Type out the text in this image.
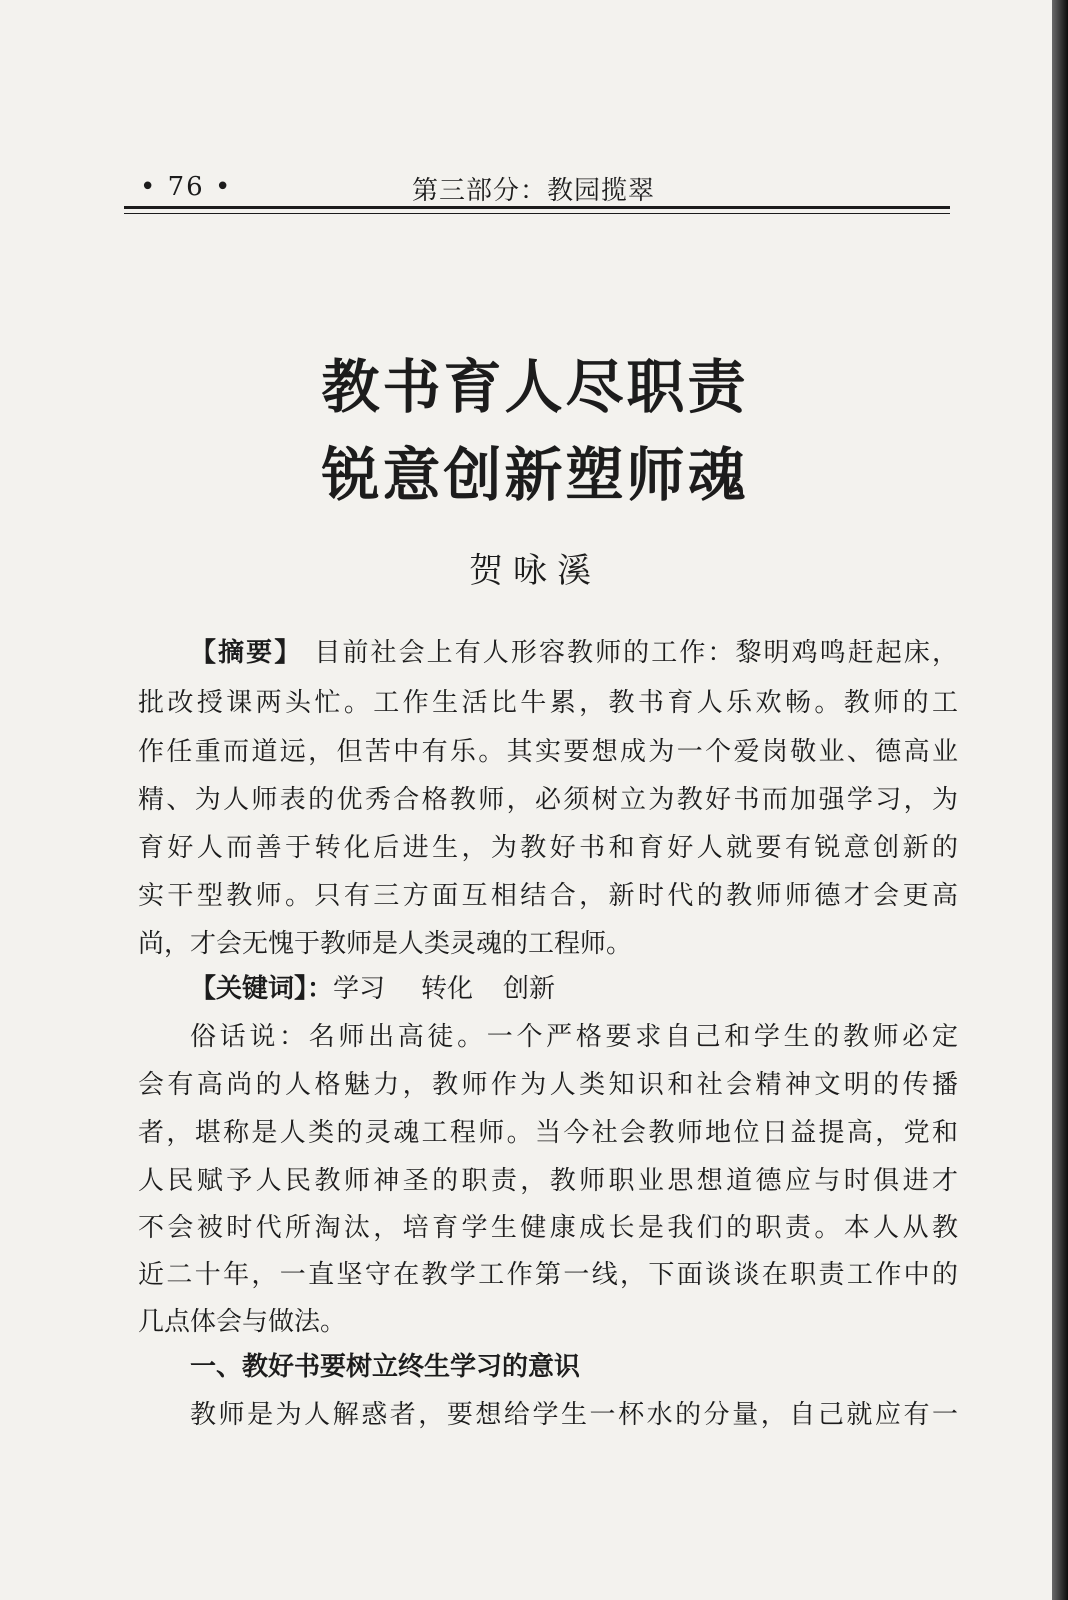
• 76 •	第三部分：教园揽翠
教书育人尽职责
锐意创新塑师魂
贺咏溪
【摘要】 目前社会上有人形容教师的工作：黎明鸡鸣赶起床，
批改授课两头忙。工作生活比牛累，教书育人乐欢畅。教师的工
作任重而道远，但苦中有乐。其实要想成为一个爱岗敬业、德高业
精、为人师表的优秀合格教师，必须树立为教好书而加强学习，为
育好人而善于转化后进生，为教好书和育好人就要有锐意创新的
实干型教师。只有三方面互相结合，新时代的教师师德才会更高
尚，才会无愧于教师是人类灵魂的工程师。
【关键词】：学习 转化 创新
俗话说：名师出高徒。一个严格要求自己和学生的教师必定
会有高尚的人格魅力，教师作为人类知识和社会精神文明的传播
者，堪称是人类的灵魂工程师。当今社会教师地位日益提高，党和
人民赋予人民教师神圣的职责，教师职业思想道德应与时俱进才
不会被时代所淘汰，培育学生健康成长是我们的职责。本人从教
近二十年，一直坚守在教学工作第一线，下面谈谈在职责工作中的
几点体会与做法。
一、教好书要树立终生学习的意识
教师是为人解惑者，要想给学生一杯水的分量，自己就应有一
